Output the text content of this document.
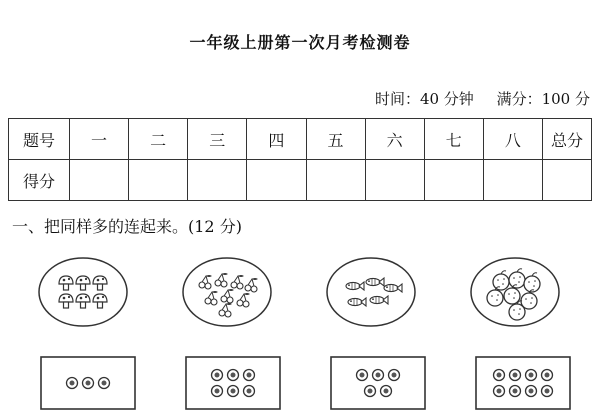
一年级上册第一次月考检测卷
时间：40 分钟 满分：100 分
题号	一	二	三	四	五	六	七	八	总分
得分									
一、把同样多的连起来。(12 分)
